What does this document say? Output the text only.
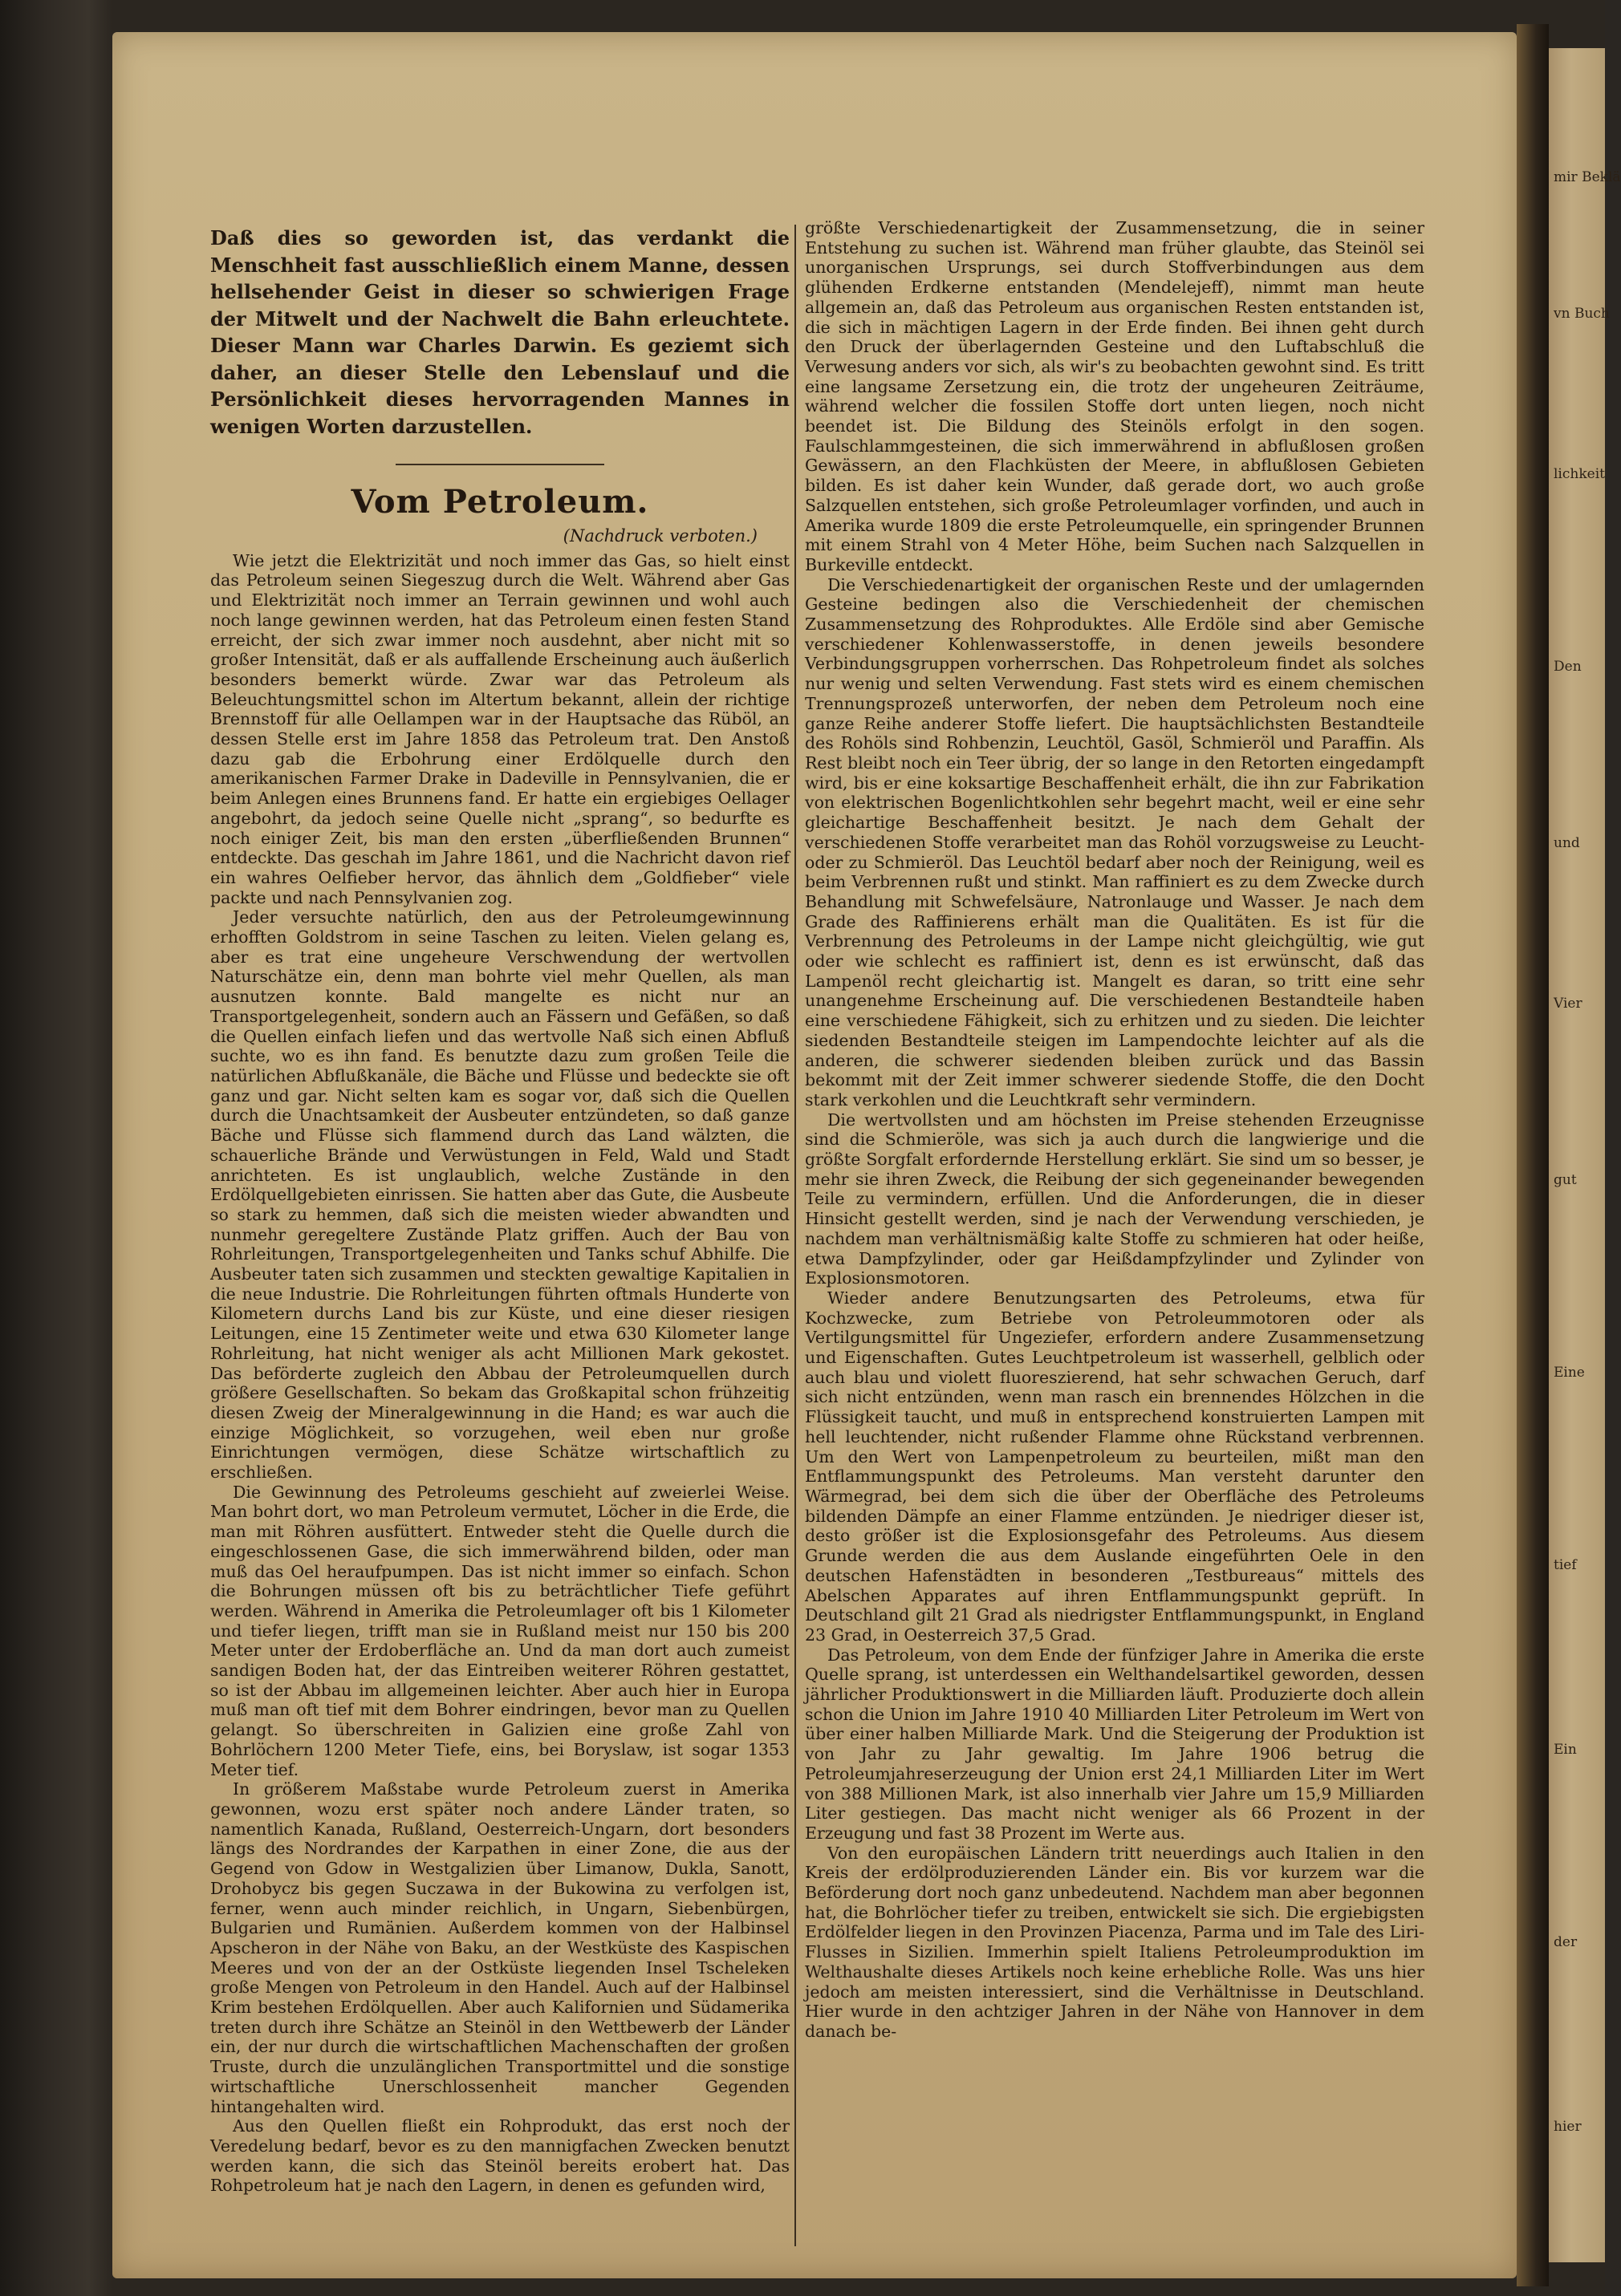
mir Beklä
vn Buch
lichkeit
Den
und
Vier
gut
Eine
tief
Ein
der
hier

Daß dies so geworden ist, das verdankt die Menschheit fast ausschließlich einem Manne, dessen hellsehender Geist in dieser so schwierigen Frage der Mitwelt und der Nachwelt die Bahn erleuchtete. Dieser Mann war Charles Darwin. Es geziemt sich daher, an dieser Stelle den Lebenslauf und die Persönlichkeit dieses hervorragenden Mannes in wenigen Worten darzustellen.

Vom Petroleum.
(Nachdruck verboten.)

Wie jetzt die Elektrizität und noch immer das Gas, so hielt einst das Petroleum seinen Siegeszug durch die Welt. Während aber Gas und Elektrizität noch immer an Terrain gewinnen und wohl auch noch lange gewinnen werden, hat das Petroleum einen festen Stand erreicht, der sich zwar immer noch ausdehnt, aber nicht mit so großer Intensität, daß er als auffallende Erscheinung auch äußerlich besonders bemerkt würde. Zwar war das Petroleum als Beleuchtungsmittel schon im Altertum bekannt, allein der richtige Brennstoff für alle Oellampen war in der Hauptsache das Rüböl, an dessen Stelle erst im Jahre 1858 das Petroleum trat. Den Anstoß dazu gab die Erbohrung einer Erdölquelle durch den amerikanischen Farmer Drake in Dadeville in Pennsylvanien, die er beim Anlegen eines Brunnens fand. Er hatte ein ergiebiges Oellager angebohrt, da jedoch seine Quelle nicht „sprang“, so bedurfte es noch einiger Zeit, bis man den ersten „überfließenden Brunnen“ entdeckte. Das geschah im Jahre 1861, und die Nachricht davon rief ein wahres Oelfieber hervor, das ähnlich dem „Goldfieber“ viele packte und nach Pennsylvanien zog.

Jeder versuchte natürlich, den aus der Petroleumgewinnung erhofften Goldstrom in seine Taschen zu leiten. Vielen gelang es, aber es trat eine ungeheure Verschwendung der wertvollen Naturschätze ein, denn man bohrte viel mehr Quellen, als man ausnutzen konnte. Bald mangelte es nicht nur an Transportgelegenheit, sondern auch an Fässern und Gefäßen, so daß die Quellen einfach liefen und das wertvolle Naß sich einen Abfluß suchte, wo es ihn fand. Es benutzte dazu zum großen Teile die natürlichen Abflußkanäle, die Bäche und Flüsse und bedeckte sie oft ganz und gar. Nicht selten kam es sogar vor, daß sich die Quellen durch die Unachtsamkeit der Ausbeuter entzündeten, so daß ganze Bäche und Flüsse sich flammend durch das Land wälzten, die schauerliche Brände und Verwüstungen in Feld, Wald und Stadt anrichteten. Es ist unglaublich, welche Zustände in den Erdölquellgebieten einrissen. Sie hatten aber das Gute, die Ausbeute so stark zu hemmen, daß sich die meisten wieder abwandten und nunmehr geregeltere Zustände Platz griffen. Auch der Bau von Rohrleitungen, Transportgelegenheiten und Tanks schuf Abhilfe. Die Ausbeuter taten sich zusammen und steckten gewaltige Kapitalien in die neue Industrie. Die Rohrleitungen führten oftmals Hunderte von Kilometern durchs Land bis zur Küste, und eine dieser riesigen Leitungen, eine 15 Zentimeter weite und etwa 630 Kilometer lange Rohrleitung, hat nicht weniger als acht Millionen Mark gekostet. Das beförderte zugleich den Abbau der Petroleumquellen durch größere Gesellschaften. So bekam das Großkapital schon frühzeitig diesen Zweig der Mineralgewinnung in die Hand; es war auch die einzige Möglichkeit, so vorzugehen, weil eben nur große Einrichtungen vermögen, diese Schätze wirtschaftlich zu erschließen.

Die Gewinnung des Petroleums geschieht auf zweierlei Weise. Man bohrt dort, wo man Petroleum vermutet, Löcher in die Erde, die man mit Röhren ausfüttert. Entweder steht die Quelle durch die eingeschlossenen Gase, die sich immerwährend bilden, oder man muß das Oel heraufpumpen. Das ist nicht immer so einfach. Schon die Bohrungen müssen oft bis zu beträchtlicher Tiefe geführt werden. Während in Amerika die Petroleumlager oft bis 1 Kilometer und tiefer liegen, trifft man sie in Rußland meist nur 150 bis 200 Meter unter der Erdoberfläche an. Und da man dort auch zumeist sandigen Boden hat, der das Eintreiben weiterer Röhren gestattet, so ist der Abbau im allgemeinen leichter. Aber auch hier in Europa muß man oft tief mit dem Bohrer eindringen, bevor man zu Quellen gelangt. So überschreiten in Galizien eine große Zahl von Bohrlöchern 1200 Meter Tiefe, eins, bei Boryslaw, ist sogar 1353 Meter tief.

In größerem Maßstabe wurde Petroleum zuerst in Amerika gewonnen, wozu erst später noch andere Länder traten, so namentlich Kanada, Rußland, Oesterreich-Ungarn, dort besonders längs des Nordrandes der Karpathen in einer Zone, die aus der Gegend von Gdow in Westgalizien über Limanow, Dukla, Sanott, Drohobycz bis gegen Suczawa in der Bukowina zu verfolgen ist, ferner, wenn auch minder reichlich, in Ungarn, Siebenbürgen, Bulgarien und Rumänien. Außerdem kommen von der Halbinsel Apscheron in der Nähe von Baku, an der Westküste des Kaspischen Meeres und von der an der Ostküste liegenden Insel Tscheleken große Mengen von Petroleum in den Handel. Auch auf der Halbinsel Krim bestehen Erdölquellen. Aber auch Kalifornien und Südamerika treten durch ihre Schätze an Steinöl in den Wettbewerb der Länder ein, der nur durch die wirtschaftlichen Machenschaften der großen Truste, durch die unzulänglichen Transportmittel und die sonstige wirtschaftliche Unerschlossenheit mancher Gegenden hintangehalten wird.

Aus den Quellen fließt ein Rohprodukt, das erst noch der Veredelung bedarf, bevor es zu den mannigfachen Zwecken benutzt werden kann, die sich das Steinöl bereits erobert hat. Das Rohpetroleum hat je nach den Lagern, in denen es gefunden wird,

größte Verschiedenartigkeit der Zusammensetzung, die in seiner Entstehung zu suchen ist. Während man früher glaubte, das Steinöl sei unorganischen Ursprungs, sei durch Stoffverbindungen aus dem glühenden Erdkerne entstanden (Mendelejeff), nimmt man heute allgemein an, daß das Petroleum aus organischen Resten entstanden ist, die sich in mächtigen Lagern in der Erde finden. Bei ihnen geht durch den Druck der überlagernden Gesteine und den Luftabschluß die Verwesung anders vor sich, als wir's zu beobachten gewohnt sind. Es tritt eine langsame Zersetzung ein, die trotz der ungeheuren Zeiträume, während welcher die fossilen Stoffe dort unten liegen, noch nicht beendet ist. Die Bildung des Steinöls erfolgt in den sogen. Faulschlammgesteinen, die sich immerwährend in abflußlosen großen Gewässern, an den Flachküsten der Meere, in abflußlosen Gebieten bilden. Es ist daher kein Wunder, daß gerade dort, wo auch große Salzquellen entstehen, sich große Petroleumlager vorfinden, und auch in Amerika wurde 1809 die erste Petroleumquelle, ein springender Brunnen mit einem Strahl von 4 Meter Höhe, beim Suchen nach Salzquellen in Burkeville entdeckt.

Die Verschiedenartigkeit der organischen Reste und der umlagernden Gesteine bedingen also die Verschiedenheit der chemischen Zusammensetzung des Rohproduktes. Alle Erdöle sind aber Gemische verschiedener Kohlenwasserstoffe, in denen jeweils besondere Verbindungsgruppen vorherrschen. Das Rohpetroleum findet als solches nur wenig und selten Verwendung. Fast stets wird es einem chemischen Trennungsprozeß unterworfen, der neben dem Petroleum noch eine ganze Reihe anderer Stoffe liefert. Die hauptsächlichsten Bestandteile des Rohöls sind Rohbenzin, Leuchtöl, Gasöl, Schmieröl und Paraffin. Als Rest bleibt noch ein Teer übrig, der so lange in den Retorten eingedampft wird, bis er eine koksartige Beschaffenheit erhält, die ihn zur Fabrikation von elektrischen Bogenlichtkohlen sehr begehrt macht, weil er eine sehr gleichartige Beschaffenheit besitzt. Je nach dem Gehalt der verschiedenen Stoffe verarbeitet man das Rohöl vorzugsweise zu Leucht- oder zu Schmieröl. Das Leuchtöl bedarf aber noch der Reinigung, weil es beim Verbrennen rußt und stinkt. Man raffiniert es zu dem Zwecke durch Behandlung mit Schwefelsäure, Natronlauge und Wasser. Je nach dem Grade des Raffinierens erhält man die Qualitäten. Es ist für die Verbrennung des Petroleums in der Lampe nicht gleichgültig, wie gut oder wie schlecht es raffiniert ist, denn es ist erwünscht, daß das Lampenöl recht gleichartig ist. Mangelt es daran, so tritt eine sehr unangenehme Erscheinung auf. Die verschiedenen Bestandteile haben eine verschiedene Fähigkeit, sich zu erhitzen und zu sieden. Die leichter siedenden Bestandteile steigen im Lampendochte leichter auf als die anderen, die schwerer siedenden bleiben zurück und das Bassin bekommt mit der Zeit immer schwerer siedende Stoffe, die den Docht stark verkohlen und die Leuchtkraft sehr vermindern.

Die wertvollsten und am höchsten im Preise stehenden Erzeugnisse sind die Schmieröle, was sich ja auch durch die langwierige und die größte Sorgfalt erfordernde Herstellung erklärt. Sie sind um so besser, je mehr sie ihren Zweck, die Reibung der sich gegeneinander bewegenden Teile zu vermindern, erfüllen. Und die Anforderungen, die in dieser Hinsicht gestellt werden, sind je nach der Verwendung verschieden, je nachdem man verhältnismäßig kalte Stoffe zu schmieren hat oder heiße, etwa Dampfzylinder, oder gar Heißdampfzylinder und Zylinder von Explosionsmotoren.

Wieder andere Benutzungsarten des Petroleums, etwa für Kochzwecke, zum Betriebe von Petroleummotoren oder als Vertilgungsmittel für Ungeziefer, erfordern andere Zusammensetzung und Eigenschaften. Gutes Leuchtpetroleum ist wasserhell, gelblich oder auch blau und violett fluoreszierend, hat sehr schwachen Geruch, darf sich nicht entzünden, wenn man rasch ein brennendes Hölzchen in die Flüssigkeit taucht, und muß in entsprechend konstruierten Lampen mit hell leuchtender, nicht rußender Flamme ohne Rückstand verbrennen. Um den Wert von Lampenpetroleum zu beurteilen, mißt man den Entflammungspunkt des Petroleums. Man versteht darunter den Wärmegrad, bei dem sich die über der Oberfläche des Petroleums bildenden Dämpfe an einer Flamme entzünden. Je niedriger dieser ist, desto größer ist die Explosionsgefahr des Petroleums. Aus diesem Grunde werden die aus dem Auslande eingeführten Oele in den deutschen Hafenstädten in besonderen „Testbureaus“ mittels des Abelschen Apparates auf ihren Entflammungspunkt geprüft. In Deutschland gilt 21 Grad als niedrigster Entflammungspunkt, in England 23 Grad, in Oesterreich 37,5 Grad.

Das Petroleum, von dem Ende der fünfziger Jahre in Amerika die erste Quelle sprang, ist unterdessen ein Welthandelsartikel geworden, dessen jährlicher Produktionswert in die Milliarden läuft. Produzierte doch allein schon die Union im Jahre 1910 40 Milliarden Liter Petroleum im Wert von über einer halben Milliarde Mark. Und die Steigerung der Produktion ist von Jahr zu Jahr gewaltig. Im Jahre 1906 betrug die Petroleumjahreserzeugung der Union erst 24,1 Milliarden Liter im Wert von 388 Millionen Mark, ist also innerhalb vier Jahre um 15,9 Milliarden Liter gestiegen. Das macht nicht weniger als 66 Prozent in der Erzeugung und fast 38 Prozent im Werte aus.

Von den europäischen Ländern tritt neuerdings auch Italien in den Kreis der erdölproduzierenden Länder ein. Bis vor kurzem war die Beförderung dort noch ganz unbedeutend. Nachdem man aber begonnen hat, die Bohrlöcher tiefer zu treiben, entwickelt sie sich. Die ergiebigsten Erdölfelder liegen in den Provinzen Piacenza, Parma und im Tale des Liri-Flusses in Sizilien. Immerhin spielt Italiens Petroleumproduktion im Welthaushalte dieses Artikels noch keine erhebliche Rolle. Was uns hier jedoch am meisten interessiert, sind die Verhältnisse in Deutschland. Hier wurde in den achtziger Jahren in der Nähe von Hannover in dem danach be-
